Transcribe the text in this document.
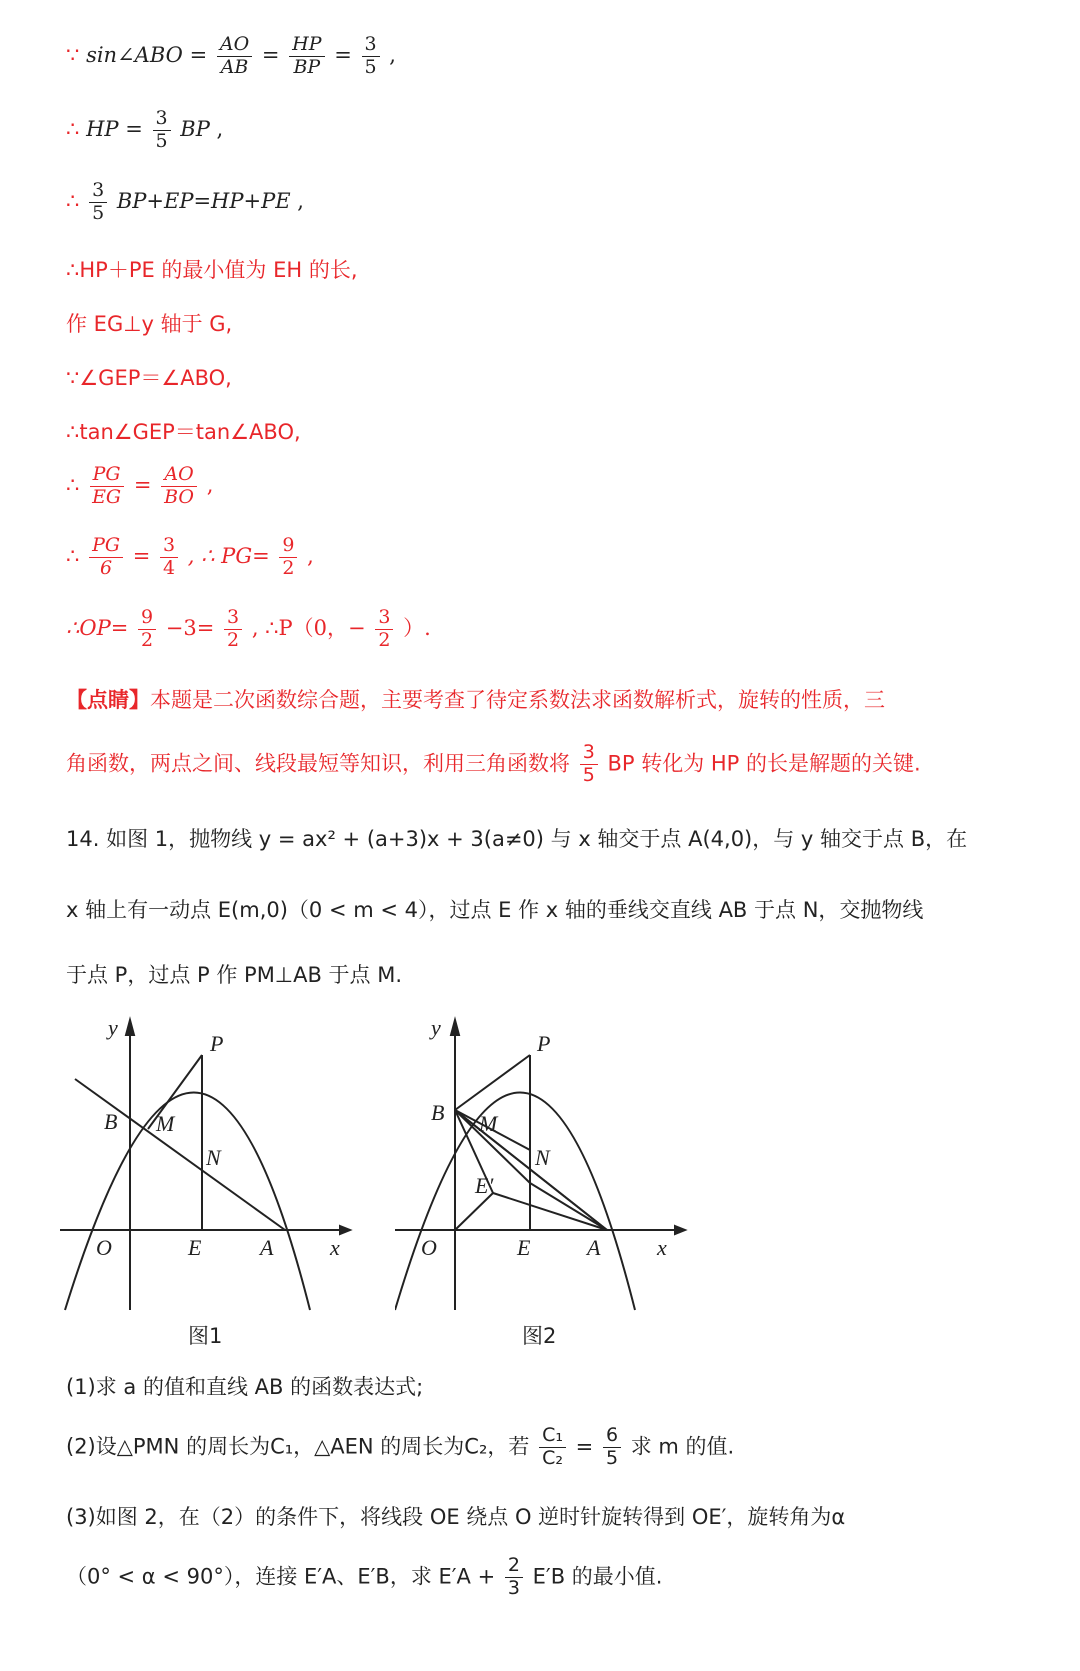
∵ sin∠ABO = $\frac{AO}{AB} = \frac{HP}{BP} = \frac{3}{5}$ ,
∴ HP = $\frac{3}{5}$ BP ,
∴ $\frac{3}{5} BP+EP=HP+PE$ ,
∴HP＋PE 的最小值为 EH 的长,
作 EG⊥y 轴于 G,
∵∠GEP＝∠ABO,
∴tan∠GEP＝tan∠ABO,
∴ $\frac{PG}{EG} = \frac{AO}{BO}$ ,
∴ $\frac{PG}{6} = \frac{3}{4}$ , ∴ $PG= \frac{9}{2}$ ,
∴OP= $\frac{9}{2} -3= \frac{3}{2}$ , ∴P（0，− $\frac{3}{2}$ ）.
【点睛】本题是二次函数综合题，主要考查了待定系数法求函数解析式，旋转的性质，三
角函数，两点之间、线段最短等知识，利用三角函数将 $\frac{3}{5}$ BP 转化为 HP 的长是解题的关键.
14. 如图 1，抛物线 y = ax² + (a+3)x + 3(a≠0) 与 x 轴交于点 A(4,0)，与 y 轴交于点 B，在
x 轴上有一动点 E(m,0)（0 < m < 4），过点 E 作 x 轴的垂线交直线 AB 于点 N，交抛物线
于点 P，过点 P 作 PM⊥AB 于点 M.
y
P
B M
N
O	E	A	x
图1
y
P
B M
N
E′
O	E	A	x
图2
(1)求 a 的值和直线 AB 的函数表达式;
(2)设△PMN 的周长为C₁，△AEN 的周长为C₂，若 $\frac{\text{C₁}}{\text{C₂}} = \frac{6}{5}$ 求 m 的值.
(3)如图 2，在（2）的条件下，将线段 OE 绕点 O 逆时针旋转得到 OE′，旋转角为α
（0° < α < 90°），连接 E′A、E′B，求 $E'A + \frac{2}{3} E'B$ 的最小值.
